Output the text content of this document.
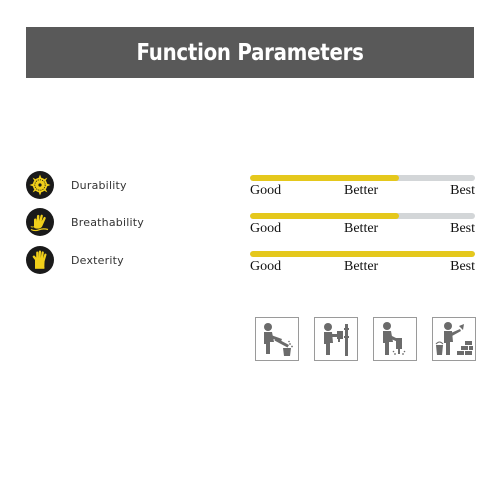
Function Parameters
Durability
Breathability
Dexterity
Good	Better	Best
Good	Better	Best
Good	Better	Best
